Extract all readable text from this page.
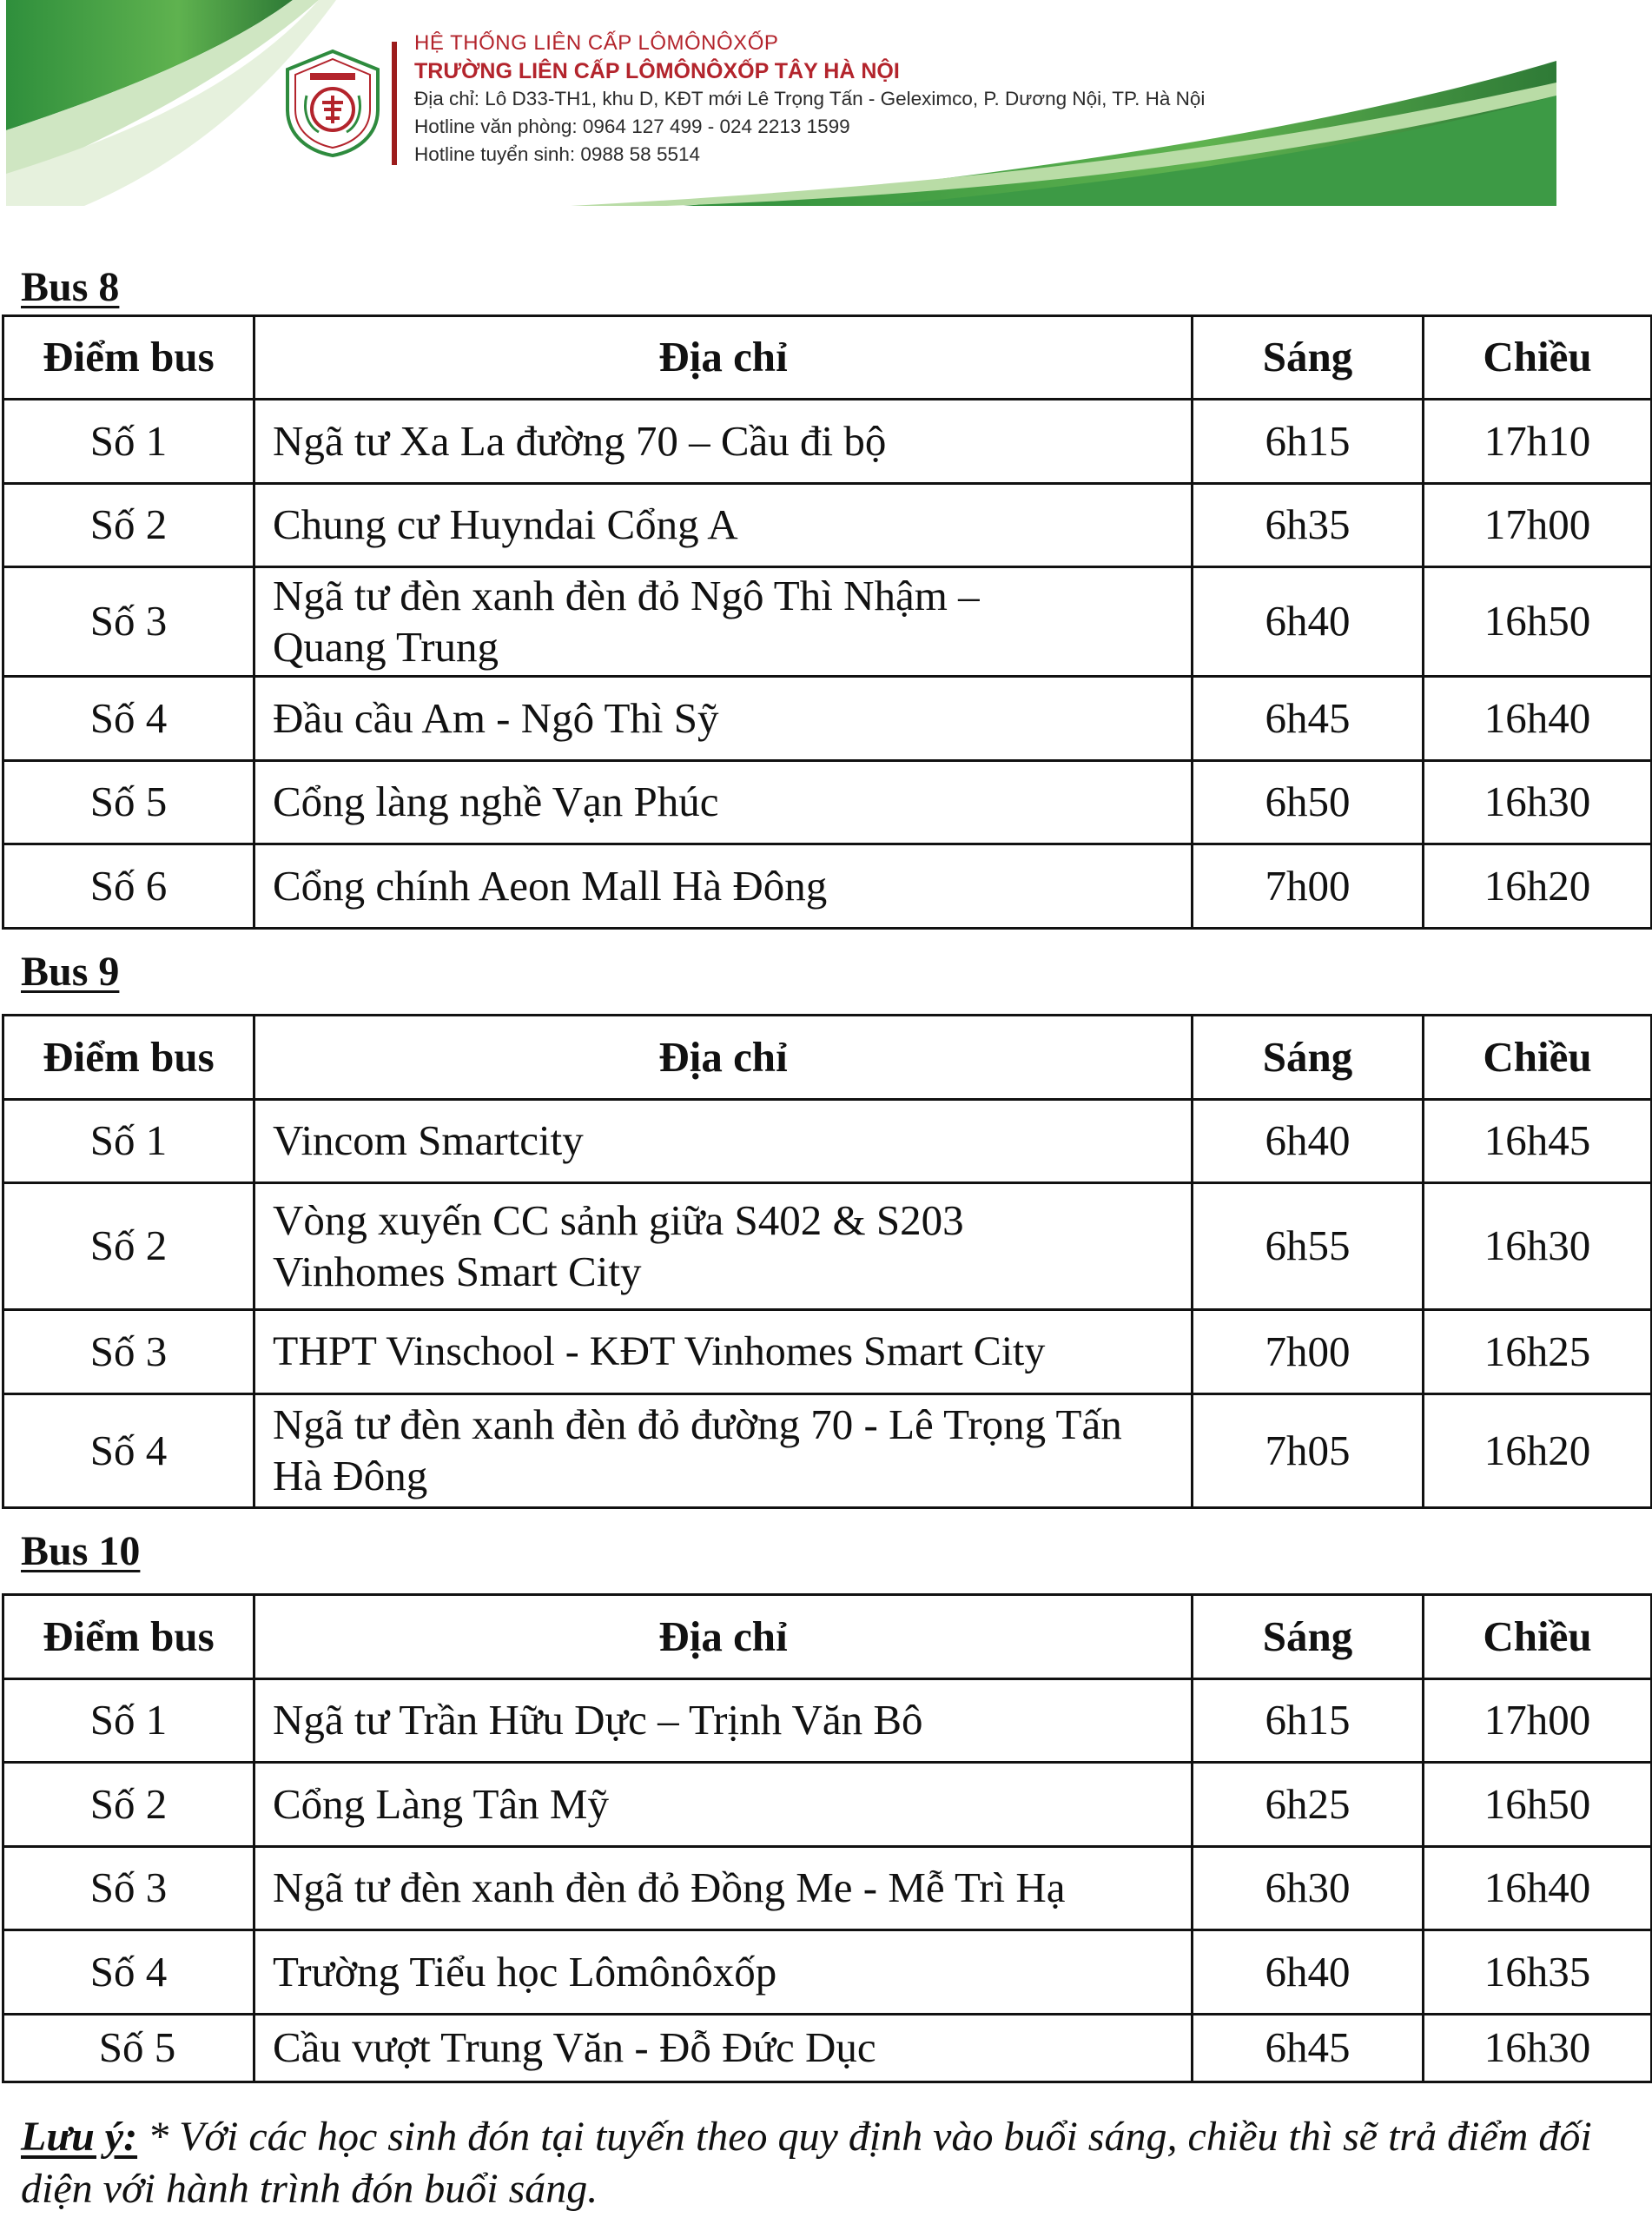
HỆ THỐNG LIÊN CẤP LÔMÔNÔXỐP
TRƯỜNG LIÊN CẤP LÔMÔNÔXỐP TÂY HÀ NỘI
Địa chỉ: Lô D33-TH1, khu D, KĐT mới Lê Trọng Tấn - Geleximco, P. Dương Nội, TP. Hà Nội
Hotline văn phòng: 0964 127 499 - 024 2213 1599
Hotline tuyển sinh: 0988 58 5514
Bus 8
Điểm bus	Địa chỉ	Sáng	Chiều
Số 1	Ngã tư Xa La đường 70 – Cầu đi bộ	6h15	17h10
Số 2	Chung cư Huyndai Cổng A	6h35	17h00
Số 3	Ngã tư đèn xanh đèn đỏ Ngô Thì Nhậm – Quang Trung	6h40	16h50
Số 4	Đầu cầu Am - Ngô Thì Sỹ	6h45	16h40
Số 5	Cổng làng nghề Vạn Phúc	6h50	16h30
Số 6	Cổng chính Aeon Mall Hà Đông	7h00	16h20
Bus 9
Điểm bus	Địa chỉ	Sáng	Chiều
Số 1	Vincom Smartcity	6h40	16h45
Số 2	Vòng xuyến CC sảnh giữa S402 & S203 Vinhomes Smart City	6h55	16h30
Số 3	THPT Vinschool - KĐT Vinhomes Smart City	7h00	16h25
Số 4	Ngã tư đèn xanh đèn đỏ đường 70 - Lê Trọng Tấn Hà Đông	7h05	16h20
Bus 10
Điểm bus	Địa chỉ	Sáng	Chiều
Số 1	Ngã tư Trần Hữu Dực – Trịnh Văn Bô	6h15	17h00
Số 2	Cổng Làng Tân Mỹ	6h25	16h50
Số 3	Ngã tư đèn xanh đèn đỏ Đồng Me - Mễ Trì Hạ	6h30	16h40
Số 4	Trường Tiểu học Lômônôxốp	6h40	16h35
Số 5	Cầu vượt Trung Văn - Đỗ Đức Dục	6h45	16h30
Lưu ý: * Với các học sinh đón tại tuyến theo quy định vào buổi sáng, chiều thì sẽ trả điểm đối diện với hành trình đón buổi sáng.
